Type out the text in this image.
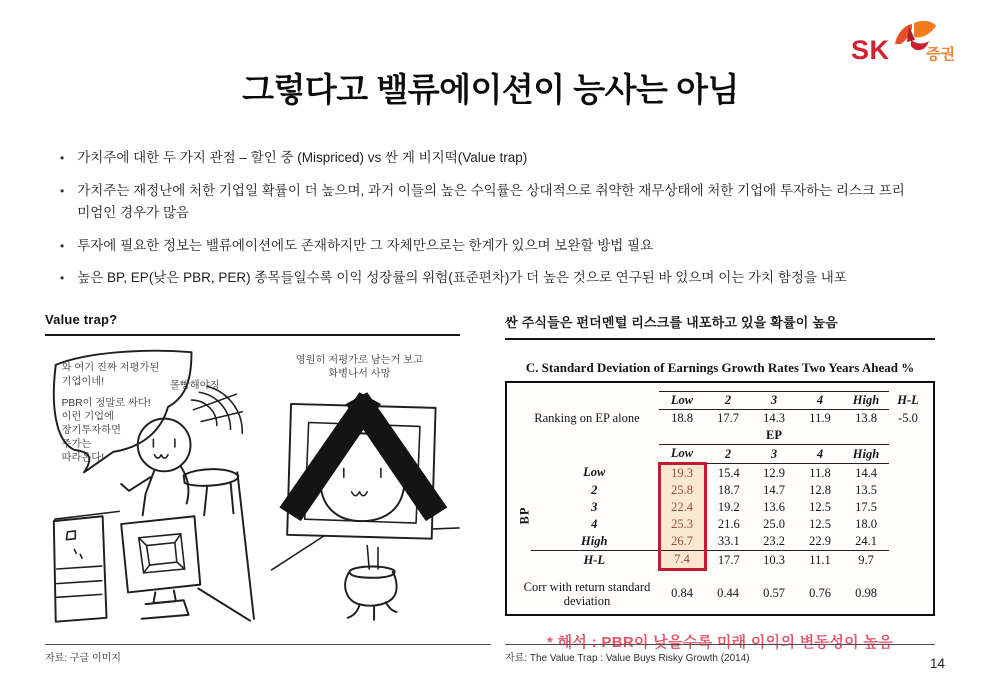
SK 증권
그렇다고 밸류에이션이 능사는 아님
• 가치주에 대한 두 가지 관점 – 할인 중 (Mispriced) vs 싼 게 비지떡(Value trap)
• 가치주는 재정난에 처한 기업일 확률이 더 높으며, 과거 이들의 높은 수익률은 상대적으로 취약한 재무상태에 처한 기업에 투자하는 리스크 프리미엄인 경우가 많음
• 투자에 필요한 정보는 밸류에이션에도 존재하지만 그 자체만으로는 한계가 있으며 보완할 방법 필요
• 높은 BP, EP(낮은 PBR, PER) 종목들일수록 이익 성장률의 위험(표준편차)가 더 높은 것으로 연구된 바 있으며 이는 가치 함정을 내포
Value trap?
와 여기 진짜 저평가된
기업이네!
PBR이 정말로 싸다!
이런 기업에
장기투자하면
주가는
따라온다!
몰빵해야징
영원히 저평가로 남는거 보고
화병나서 사망
싼 주식들은 펀더멘털 리스크를 내포하고 있을 확률이 높음
C. Standard Deviation of Earnings Growth Rates Two Years Ahead %
		Low	2	3	4	High	H-L
Ranking on EP alone		18.8	17.7	14.3	11.9	13.8	-5.0
		EP					
		Low	2	3	4	High	

BP	Low	19.3	15.4	12.9	11.8	14.4	
	2	25.8	18.7	14.7	12.8	13.5	
	3	22.4	19.2	13.6	12.5	17.5	
	4	25.3	21.6	25.0	12.5	18.0	
	High	26.7	33.1	23.2	22.9	24.1	
	H-L	7.4	17.7	10.3	11.1	9.7	

Corr with return standard deviation		0.84	0.44	0.57	0.76	0.98	
* 해석 : PBR이 낮을수록 미래 이익의 변동성이 높음
자료: 구글 이미지	자료: The Value Trap : Value Buys Risky Growth (2014)	14
